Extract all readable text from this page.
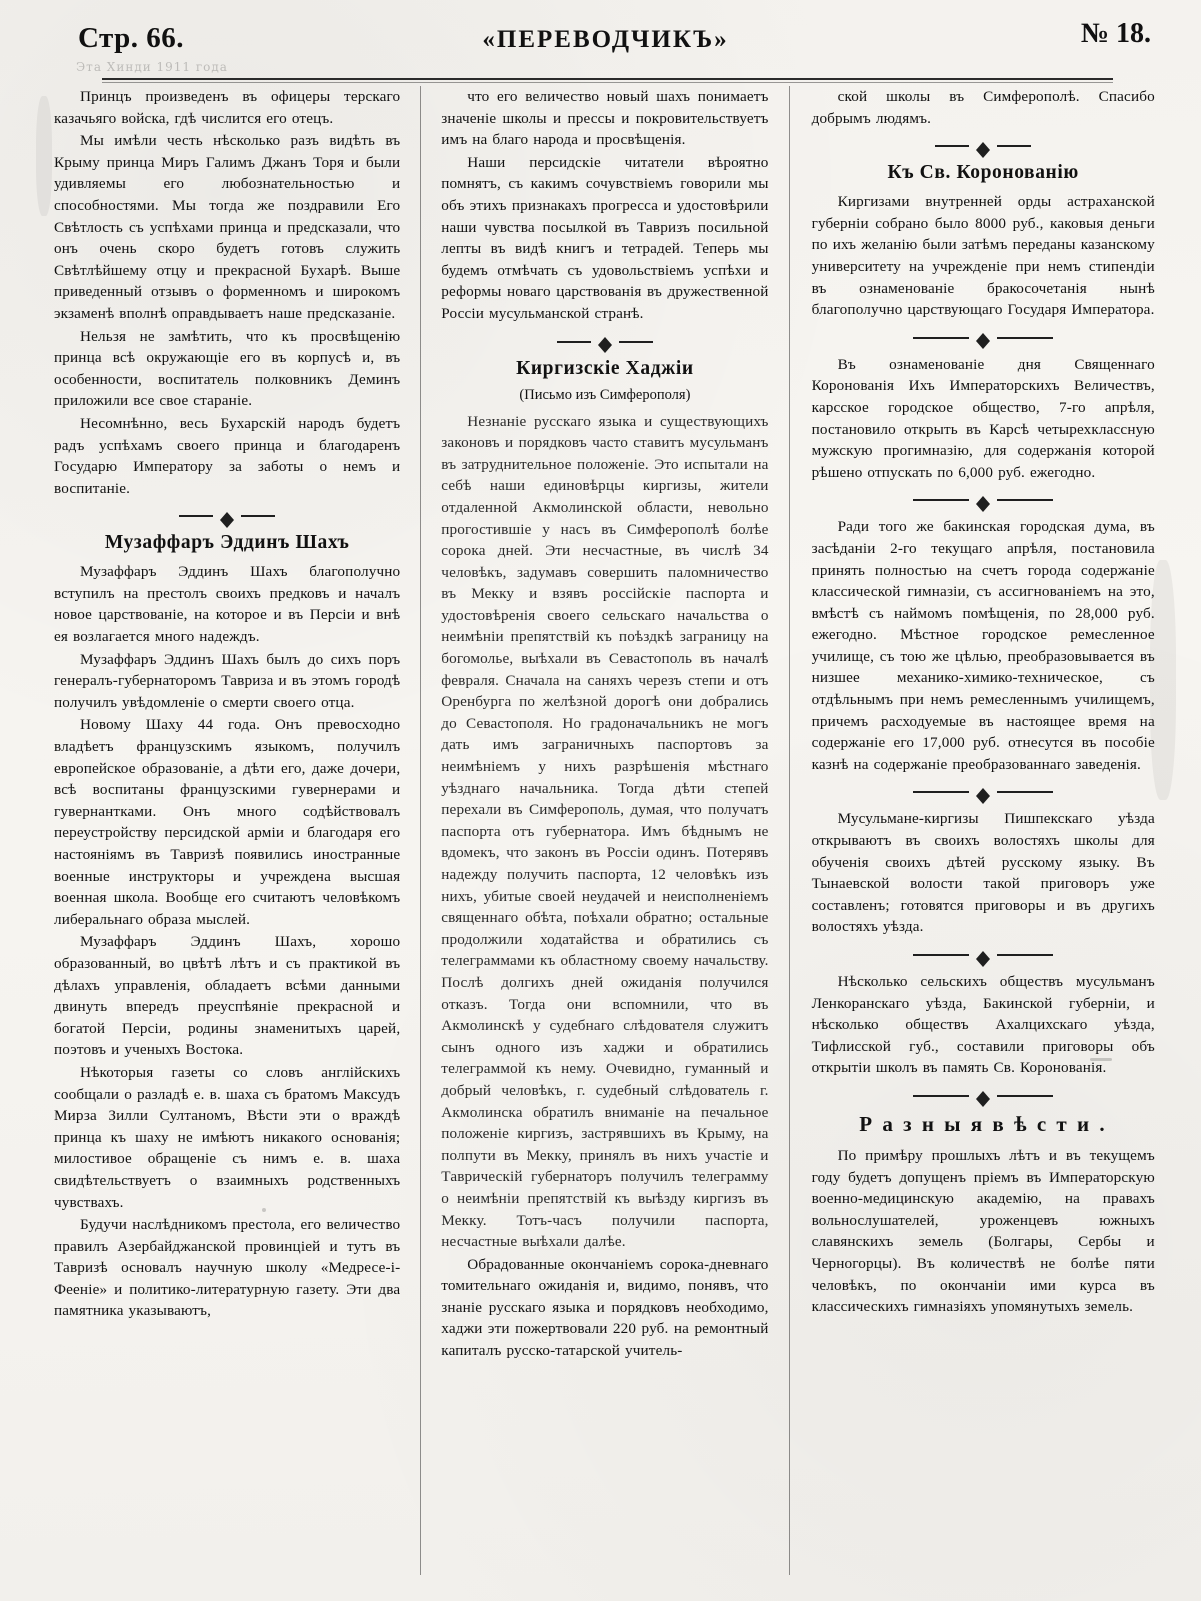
Стр. 66.
Эта Хинди 1911 года
«ПЕРЕВОДЧИКЪ»	№ 18.

Принцъ произведенъ въ офицеры терскаго казачьяго войска, гдѣ числится его отецъ.

Мы имѣли честь нѣсколько разъ видѣть въ Крыму принца Миръ Галимъ Джанъ Торя и были удивляемы его любознательностью и способностями. Мы тогда же поздравили Его Свѣтлость съ успѣхами принца и предсказали, что онъ очень скоро будетъ готовъ служить Свѣтлѣйшему отцу и прекрасной Бухарѣ. Выше приведенный отзывъ о форменномъ и широкомъ экзаменѣ вполнѣ оправдываетъ наше предсказаніе.

Нельзя не замѣтить, что къ просвѣщенію принца всѣ окружающіе его въ корпусѣ и, въ особенности, воспитатель полковникъ Деминъ приложили все свое стараніе.

Несомнѣнно, весь Бухарскій народъ будетъ радъ успѣхамъ своего принца и благодаренъ Государю Императору за заботы о немъ и воспитаніе.

Музаффаръ Эддинъ Шахъ

Музаффаръ Эддинъ Шахъ благополучно вступилъ на престолъ своихъ предковъ и началъ новое царствованіе, на которое и въ Персіи и внѣ ея возлагается много надеждъ.

Музаффаръ Эддинъ Шахъ былъ до сихъ поръ генералъ-губернаторомъ Тавриза и въ этомъ городѣ получилъ увѣдомленіе о смерти своего отца.

Новому Шаху 44 года. Онъ превосходно владѣетъ французскимъ языкомъ, получилъ европейское образованіе, а дѣти его, даже дочери, всѣ воспитаны французскими гувернерами и гувернантками. Онъ много содѣйствовалъ переустройству персидской арміи и благодаря его настояніямъ въ Тавризѣ появились иностранные военные инструкторы и учреждена высшая военная школа. Вообще его считаютъ человѣкомъ либеральнаго образа мыслей.

Музаффаръ Эддинъ Шахъ, хорошо образованный, во цвѣтѣ лѣтъ и съ практикой въ дѣлахъ управленія, обладаетъ всѣми данными двинуть впередъ преуспѣяніе прекрасной и богатой Персіи, родины знаменитыхъ царей, поэтовъ и ученыхъ Востока.

Нѣкоторыя газеты со словъ англійскихъ сообщали о разладѣ е. в. шаха съ братомъ Максудъ Мирза Зилли Султаномъ, Вѣсти эти о враждѣ принца къ шаху не имѣютъ никакого основанія; милостивое обращеніе съ нимъ е. в. шаха свидѣтельствуетъ о взаимныхъ родственныхъ чувствахъ.

Будучи наслѣдникомъ престола, его величество правилъ Азербайджанской провинціей и тутъ въ Тавризѣ основалъ научную школу «Медресе-і-Фееніе» и политико-литературную газету. Эти два памятника указываютъ,

что его величество новый шахъ понимаетъ значеніе школы и прессы и покровительствуетъ имъ на благо народа и просвѣщенія.

Наши персидскіе читатели вѣроятно помнятъ, съ какимъ сочувствіемъ говорили мы объ этихъ признакахъ прогресса и удостовѣрили наши чувства посылкой въ Тавризъ посильной лепты въ видѣ книгъ и тетрадей. Теперь мы будемъ отмѣчать съ удовольствіемъ успѣхи и реформы новаго царствованія въ дружественной Россіи мусульманской странѣ.

Киргизскіе Хаджіи
(Письмо изъ Симферополя)

Незнаніе русскаго языка и существующихъ законовъ и порядковъ часто ставитъ мусульманъ въ затруднительное положеніе. Это испытали на себѣ наши единовѣрцы киргизы, жители отдаленной Акмолинской области, невольно прогостившіе у насъ въ Симферополѣ болѣе сорока дней. Эти несчастные, въ числѣ 34 человѣкъ, задумавъ совершить паломничество въ Мекку и взявъ россійскіе паспорта и удостовѣренія своего сельскаго начальства о неимѣніи препятствій къ поѣздкѣ заграницу на богомолье, выѣхали въ Севастополь въ началѣ февраля. Сначала на саняхъ черезъ степи и отъ Оренбурга по желѣзной дорогѣ они добрались до Севастополя. Но градоначальникъ не могъ дать имъ заграничныхъ паспортовъ за неимѣніемъ у нихъ разрѣшенія мѣстнаго уѣзднаго начальника. Тогда дѣти степей перехали въ Симферополь, думая, что получатъ паспорта отъ губернатора. Имъ бѣднымъ не вдомекъ, что законъ въ Россіи одинъ. Потерявъ надежду получить паспорта, 12 человѣкъ изъ нихъ, убитые своей неудачей и неисполненіемъ священнаго обѣта, поѣхали обратно; остальные продолжили ходатайства и обратились съ телеграммами къ областному своему начальству. Послѣ долгихъ дней ожиданія получился отказъ. Тогда они вспомнили, что въ Акмолинскѣ у судебнаго слѣдователя служитъ сынъ одного изъ хаджи и обратились телеграммой къ нему. Очевидно, гуманный и добрый человѣкъ, г. судебный слѣдователь г. Акмолинска обратилъ вниманіе на печальное положеніе киргизъ, застрявшихъ въ Крыму, на полпути въ Мекку, принялъ въ нихъ участіе и Таврическій губернаторъ получилъ телеграмму о неимѣніи препятствій къ выѣзду киргизъ въ Мекку. Тотъ-часъ получили паспорта, несчастные выѣхали далѣе.

Обрадованные окончаніемъ сорока-дневнаго томительнаго ожиданія и, видимо, понявъ, что знаніе русскаго языка и порядковъ необходимо, хаджи эти пожертвовали 220 руб. на ремонтный капиталъ русско-татарской учитель-

ской школы въ Симферополѣ. Спасибо добрымъ людямъ.

Къ Св. Коронованію

Киргизами внутренней орды астраханской губерніи собрано было 8000 руб., каковыя деньги по ихъ желанію были затѣмъ переданы казанскому университету на учрежденіе при немъ стипендіи въ ознаменованіе бракосочетанія нынѣ благополучно царствующаго Государя Императора.

Въ ознаменованіе дня Священнаго Коронованія Ихъ Императорскихъ Величествъ, карсское городское общество, 7-го апрѣля, постановило открыть въ Карсѣ четырехклассную мужскую прогимназію, для содержанія которой рѣшено отпускать по 6,000 руб. ежегодно.

Ради того же бакинская городская дума, въ засѣданіи 2-го текущаго апрѣля, постановила принять полностью на счетъ города содержаніе классической гимназіи, съ ассигнованіемъ на это, вмѣстѣ съ наймомъ помѣщенія, по 28,000 руб. ежегодно. Мѣстное городское ремесленное училище, съ тою же цѣлью, преобразовывается въ низшее механико-химико-техническое, съ отдѣльнымъ при немъ ремесленнымъ училищемъ, причемъ расходуемые въ настоящее время на содержаніе его 17,000 руб. отнесутся въ пособіе казнѣ на содержаніе преобразованнаго заведенія.

Мусульмане-киргизы Пишпекскаго уѣзда открываютъ въ своихъ волостяхъ школы для обученія своихъ дѣтей русскому языку. Въ Тынаевской волости такой приговоръ уже составленъ; готовятся приговоры и въ другихъ волостяхъ уѣзда.

Нѣсколько сельскихъ обществъ мусульманъ Ленкоранскаго уѣзда, Бакинской губерніи, и нѣсколько обществъ Ахалцихскаго уѣзда, Тифлисской губ., составили приговоры объ открытіи школъ въ память Св. Коронованія.

Р а з н ы я в ѣ с т и .

По примѣру прошлыхъ лѣтъ и въ текущемъ году будетъ допущенъ пріемъ въ Императорскую военно-медицинскую академію, на правахъ вольнослушателей, уроженцевъ южныхъ славянскихъ земель (Болгары, Сербы и Черногорцы). Въ количествѣ не болѣе пяти человѣкъ, по окончаніи ими курса въ классическихъ гимназіяхъ упомянутыхъ земель.
